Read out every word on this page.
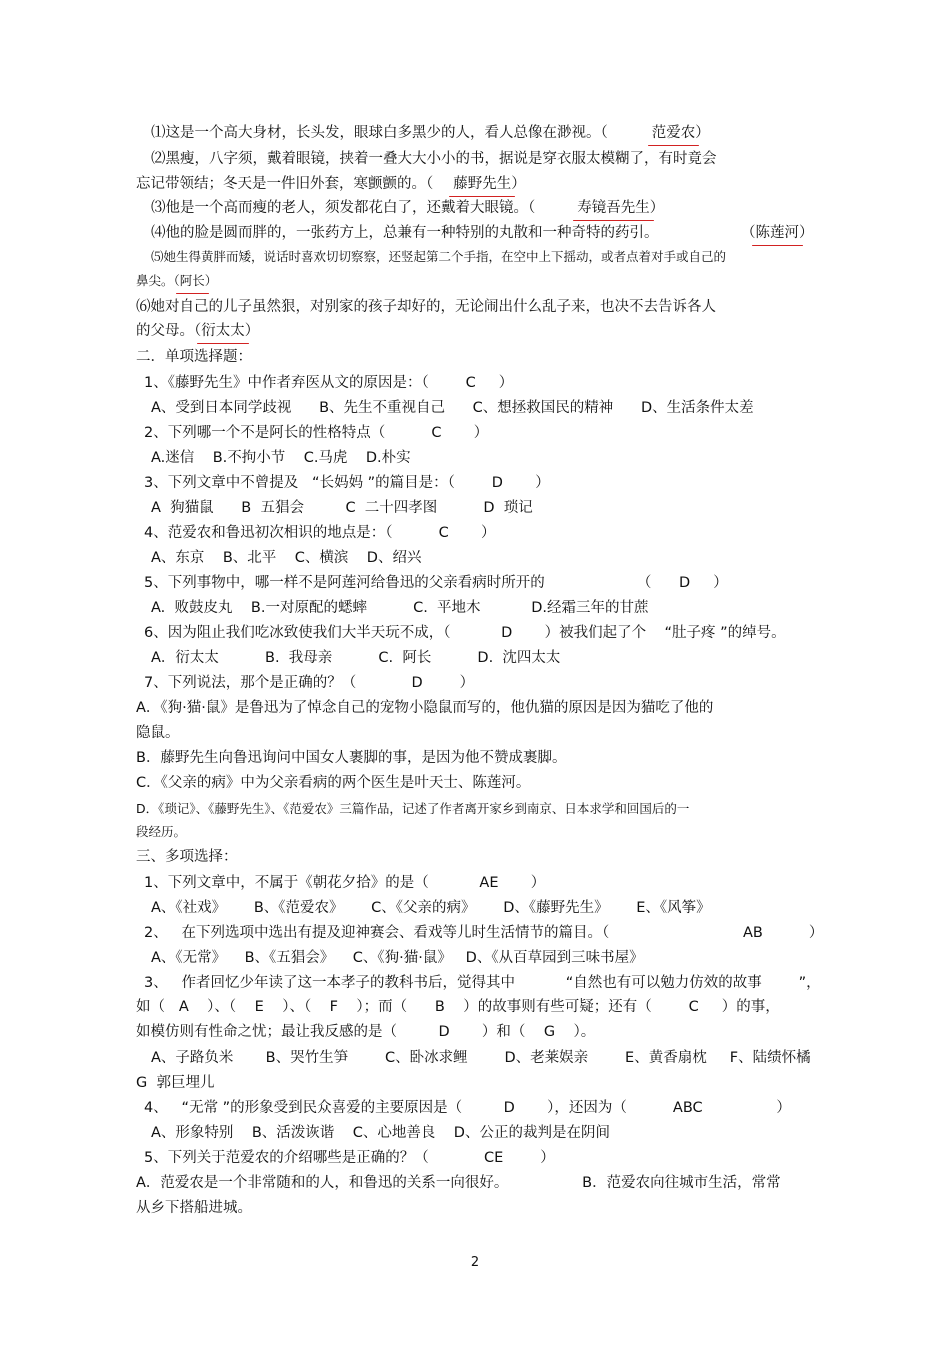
⑴这是一个高大身材，长头发，眼球白多黑少的人，看人总像在渺视。（	范爱农）
⑵黑瘦，八字须，戴着眼镜，挟着一叠大大小小的书，据说是穿衣服太模糊了，有时竟会
忘记带领结；冬天是一件旧外套，寒颤颤的。（ 藤野先生）
⑶他是一个高而瘦的老人，须发都花白了，还戴着大眼镜。（	寿镜吾先生）
⑷他的脸是圆而胖的，一张药方上，总兼有一种特别的丸散和一种奇特的药引。	（陈莲河）
⑸她生得黄胖而矮，说话时喜欢切切察察，还竖起第二个手指，在空中上下摇动，或者点着对手或自己的
鼻尖。（阿长）
⑹她对自己的儿子虽然狠，对别家的孩子却好的，无论闹出什么乱子来，也决不去告诉各人
的父母。（衍太太）
二．单项选择题：
1、《藤野先生》中作者弃医从文的原因是：（        C     ）
A、受到日本同学歧视      B、先生不重视自己      C、想拯救国民的精神      D、生活条件太差
2、下列哪一个不是阿长的性格特点（          C       ）
A.迷信    B.不拘小节    C.马虎    D.朴实
3、下列文章中不曾提及   “长妈妈 ”的篇目是：（        D       ）
A  狗猫鼠      B  五猖会         C  二十四孝图          D  琐记
4、范爱农和鲁迅初次相识的地点是：（          C       ）
A、东京    B、北平    C、横滨    D、绍兴
5、下列事物中，哪一样不是阿莲河给鲁迅的父亲看病时所开的                    （      D     ）
A.  败鼓皮丸    B.一对原配的蟋蟀          C.  平地木           D.经霜三年的甘蔗
6、因为阻止我们吃冰致使我们大半天玩不成，（           D       ）被我们起了个    “肚子疼 ”的绰号。
A．衍太太          B.  我母亲          C.  阿长          D.  沈四太太
7、下列说法，那个是正确的？（            D        ）
A．《狗·猫·鼠》是鲁迅为了悼念自己的宠物小隐鼠而写的，他仇猫的原因是因为猫吃了他的
隐鼠。
B．藤野先生向鲁迅询问中国女人裹脚的事，是因为他不赞成裹脚。
C．《父亲的病》中为父亲看病的两个医生是叶天士、陈莲河。
D．《琐记》、《藤野先生》、《范爱农》三篇作品，记述了作者离开家乡到南京、日本求学和回国后的一
段经历。
三、多项选择：
1、下列文章中，不属于《朝花夕拾》的是（           AE       ）
A、《社戏》      B、《范爱农》      C、《父亲的病》      D、《藤野先生》      E、《风筝》
2、   在下列选项中选出有提及迎神赛会、看戏等儿时生活情节的篇目。（                             AB          ）
A、《无常》    B、《五猖会》    C、《狗·猫·鼠》   D、《从百草园到三味书屋》
3、   作者回忆少年读了这一本孝子的教科书后，觉得其中           “自然也有可以勉力仿效的故事        ”，
如（   A    ）、（    E    ）、（    F    ）；而（      B    ）的故事则有些可疑；还有（        C     ）的事，
如模仿则有性命之忧；最让我反感的是（         D       ）和（    G    ）。
A、子路负米       B、哭竹生笋        C、卧冰求鲤        D、老莱娱亲        E、黄香扇枕     F、陆绩怀橘
G  郭巨埋儿
4、   “无常 ”的形象受到民众喜爱的主要原因是（         D       ），还因为（          ABC                ）
A、形象特别    B、活泼诙谐    C、心地善良    D、公正的裁判是在阴间
5、下列关于范爱农的介绍哪些是正确的？（            CE        ）
A．范爱农是一个非常随和的人，和鲁迅的关系一向很好。                B．范爱农向往城市生活，常常
从乡下搭船进城。
2
